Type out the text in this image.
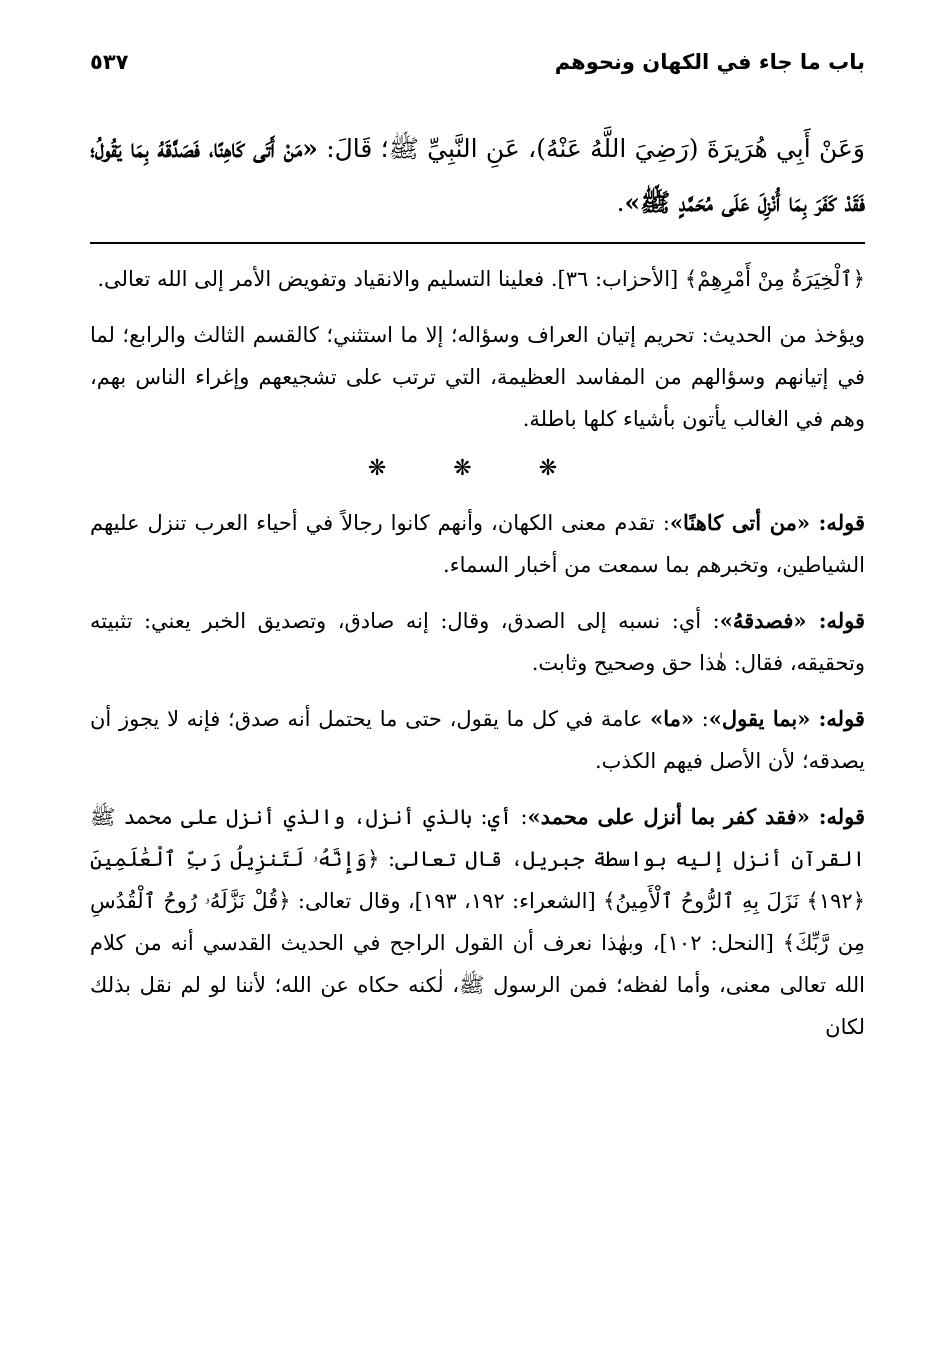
باب ما جاء في الكهان ونحوهم
٥٣٧
وَعَنْ أَبِي هُرَيرَةَ (رَضِيَ اللَّهُ عَنْهُ)، عَنِ النَّبِيِّ ﷺ؛ قَالَ: «مَنْ أَتَى كَاهِنًا، فَصَدَّقَهُ بِمَا يَقُولُ؛ فَقَدْ كَفَرَ بِمَا أُنْزِلَ عَلَى مُحَمَّدٍ ﷺ».

﴿ٱلْخِيَرَةُ مِنْ أَمْرِهِمْ﴾ [الأحزاب: ٣٦]. فعلينا التسليم والانقياد وتفويض الأمر إلى الله تعالى.

ويؤخذ من الحديث: تحريم إتيان العراف وسؤاله؛ إلا ما استثني؛ كالقسم الثالث والرابع؛ لما في إتيانهم وسؤالهم من المفاسد العظيمة، التي ترتب على تشجيعهم وإغراء الناس بهم، وهم في الغالب يأتون بأشياء كلها باطلة.

❋ ❋ ❋

قوله: «من أتى كاهنًا»: تقدم معنى الكهان، وأنهم كانوا رجالاً في أحياء العرب تنزل عليهم الشياطين، وتخبرهم بما سمعت من أخبار السماء.

قوله: «فصدقهُ»: أي: نسبه إلى الصدق، وقال: إنه صادق، وتصديق الخبر يعني: تثبيته وتحقيقه، فقال: هٰذا حق وصحيح وثابت.

قوله: «بما يقول»: «ما» عامة في كل ما يقول، حتى ما يحتمل أنه صدق؛ فإنه لا يجوز أن يصدقه؛ لأن الأصل فيهم الكذب.

قوله: «فقد كفر بما أنزل على محمد»: أي: بالذي أنزل، والذي أنزل على محمد ﷺ القرآن أنزل إليه بواسطة جبريل، قال تعالى: ﴿وَإِنَّهُۥ لَتَنزِيلُ رَبِّ ٱلْعَٰلَمِينَ ﴿١٩٢﴾ نَزَلَ بِهِ ٱلرُّوحُ ٱلْأَمِينُ﴾ [الشعراء: ١٩٢، ١٩٣]، وقال تعالى: ﴿قُلْ نَزَّلَهُۥ رُوحُ ٱلْقُدُسِ مِن رَّبِّكَ﴾ [النحل: ١٠٢]، وبهٰذا نعرف أن القول الراجح في الحديث القدسي أنه من كلام الله تعالى معنى، وأما لفظه؛ فمن الرسول ﷺ، لٰكنه حكاه عن الله؛ لأننا لو لم نقل بذلك لكان
